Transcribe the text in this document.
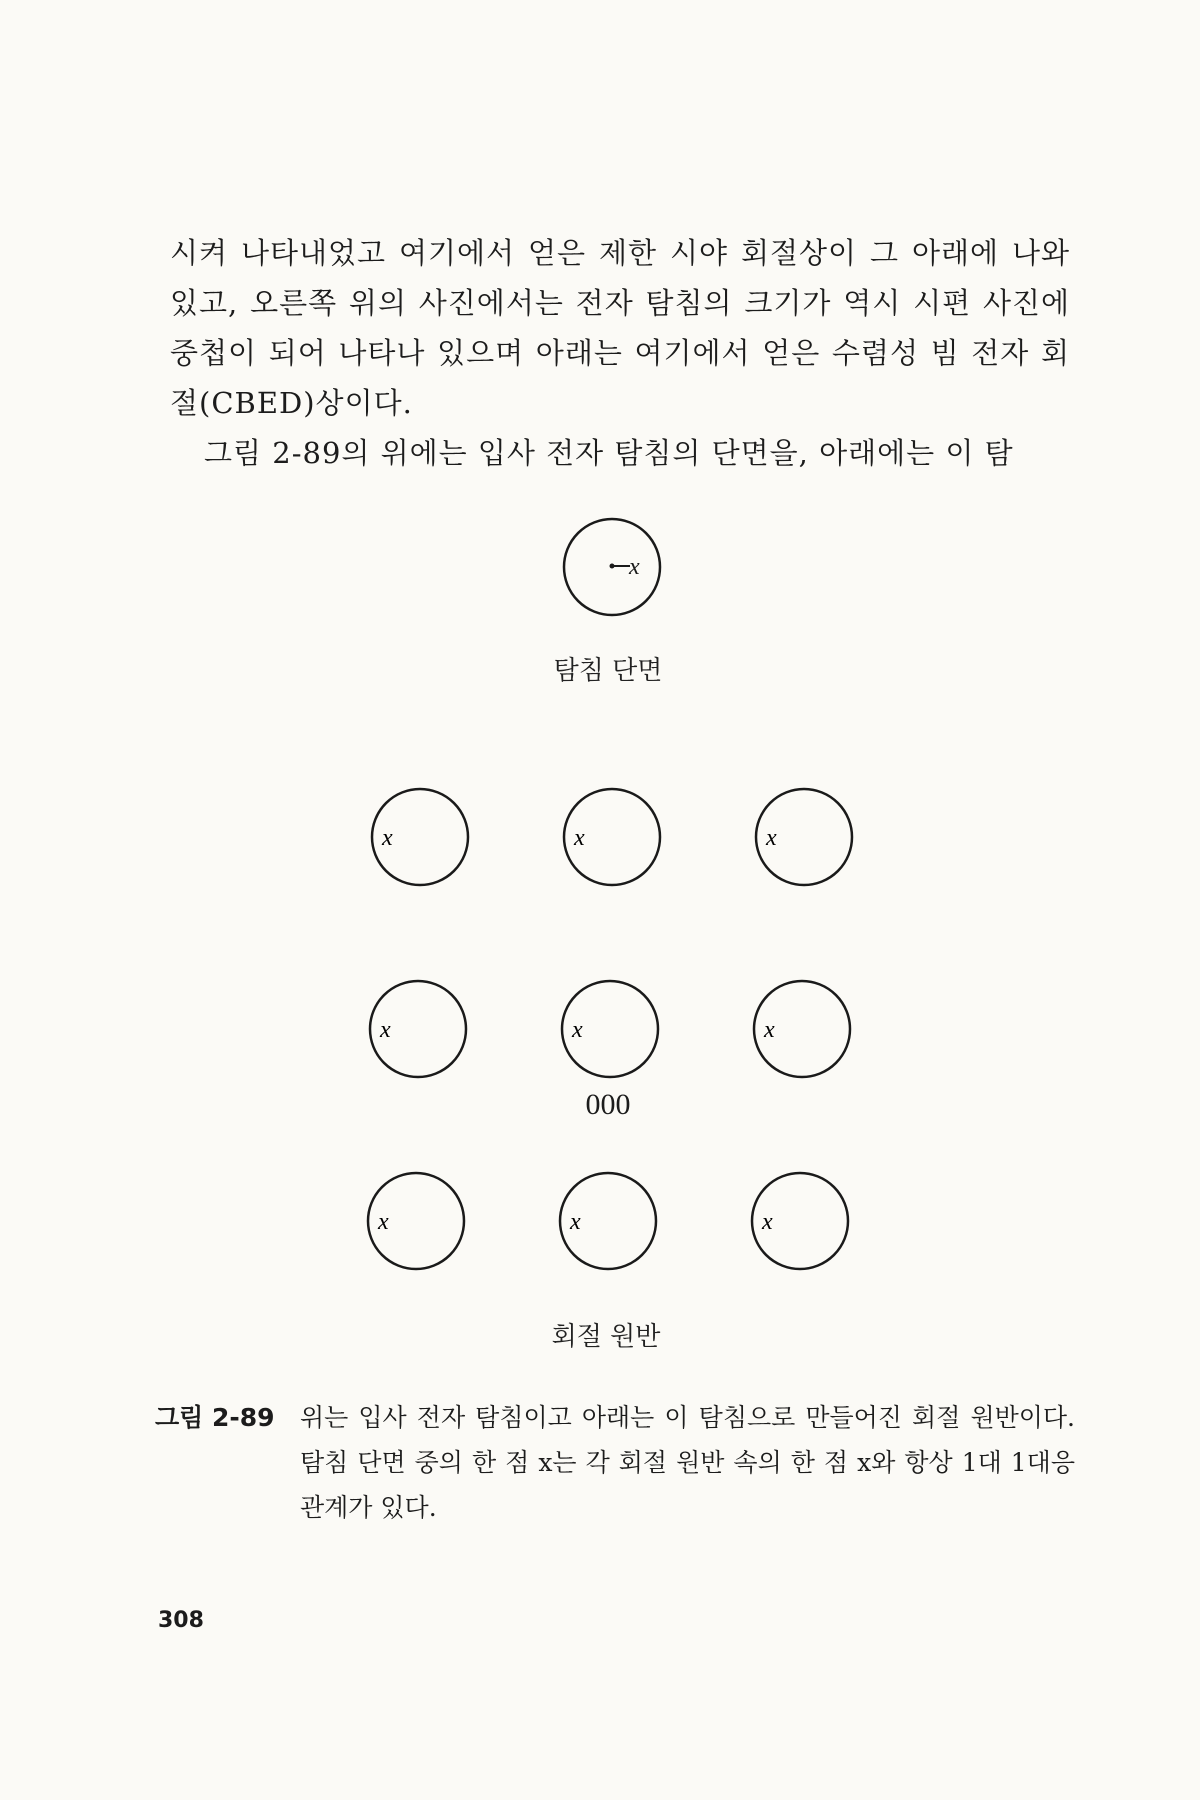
시켜 나타내었고 여기에서 얻은 제한 시야 회절상이 그 아래에 나와 있고, 오른쪽 위의 사진에서는 전자 탐침의 크기가 역시 시편 사진에 중첩이 되어 나타나 있으며 아래는 여기에서 얻은 수렴성 빔 전자 회절(CBED)상이다.

그림 2-89의 위에는 입사 전자 탐침의 단면을, 아래에는 이 탐

x
x	x	x
x	x	x
x	x	x
탐침 단면
000
회절 원반
그림 2-89	위는 입사 전자 탐침이고 아래는 이 탐침으로 만들어진 회절 원반이다. 탐침 단면 중의 한 점 x는 각 회절 원반 속의 한 점 x와 항상 1대 1대응 관계가 있다.
308
